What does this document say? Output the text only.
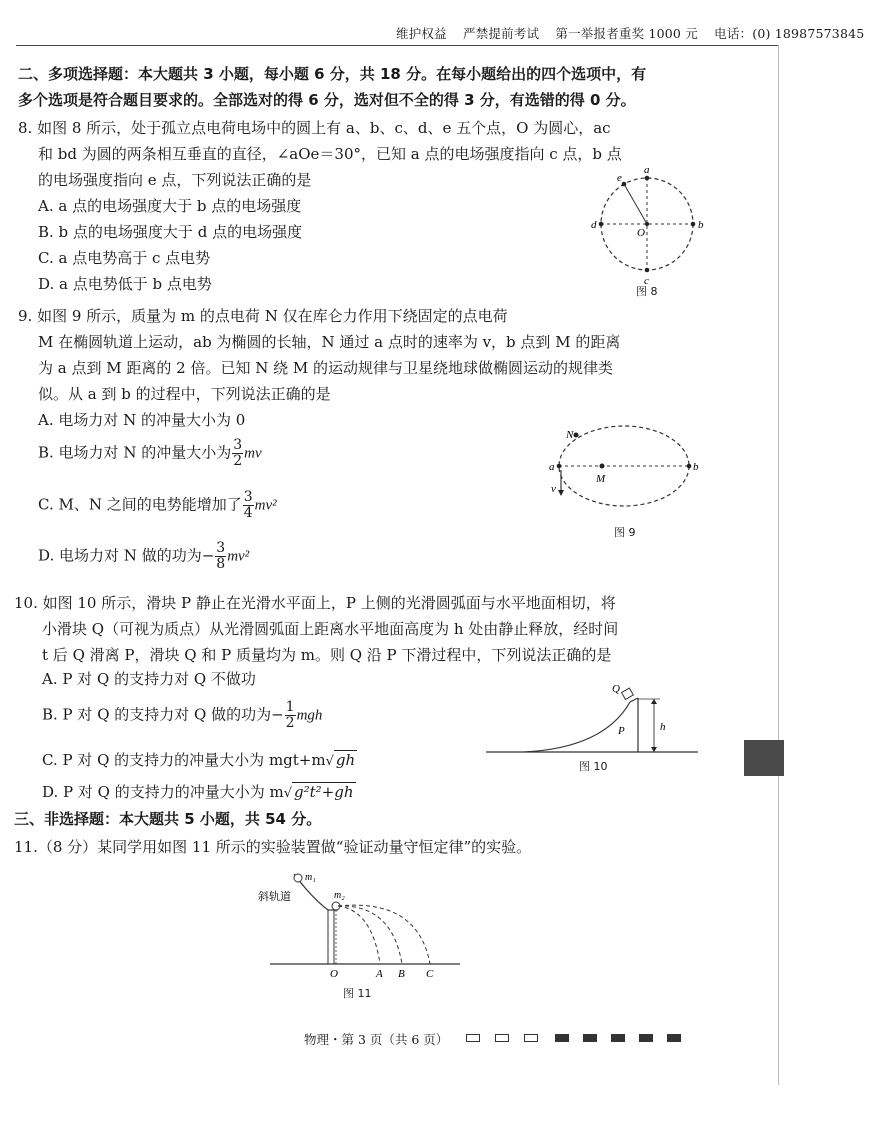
维护权益 严禁提前考试 第一举报者重奖 1000 元 电话：(0) 18987573845
二、多项选择题：本大题共 3 小题，每小题 6 分，共 18 分。在每小题给出的四个选项中，有
多个选项是符合题目要求的。全部选对的得 6 分，选对但不全的得 3 分，有选错的得 0 分。
8. 如图 8 所示，处于孤立点电荷电场中的圆上有 a、b、c、d、e 五个点，O 为圆心，ac
和 bd 为圆的两条相互垂直的直径，∠aOe＝30°，已知 a 点的电场强度指向 c 点，b 点
的电场强度指向 e 点，下列说法正确的是
A. a 点的电场强度大于 b 点的电场强度
B. b 点的电场强度大于 d 点的电场强度
C. a 点电势高于 c 点电势
D. a 点电势低于 b 点电势
a
b
c
d
e
O
图 8
9. 如图 9 所示，质量为 m 的点电荷 N 仅在库仑力作用下绕固定的点电荷
M 在椭圆轨道上运动，ab 为椭圆的长轴，N 通过 a 点时的速率为 v，b 点到 M 的距离
为 a 点到 M 距离的 2 倍。已知 N 绕 M 的运动规律与卫星绕地球做椭圆运动的规律类
似。从 a 到 b 的过程中，下列说法正确的是
A. 电场力对 N 的冲量大小为 0
B. 电场力对 N 的冲量大小为 $\frac{3}{2}$ mv
C. M、N 之间的电势能增加了 $\frac{3}{4} mv^2$
D. 电场力对 N 做的功为− $\frac{3}{8} mv^2$
N
a	b
M
v
图 9
10. 如图 10 所示，滑块 P 静止在光滑水平面上，P 上侧的光滑圆弧面与水平地面相切，将
小滑块 Q（可视为质点）从光滑圆弧面上距离水平地面高度为 h 处由静止释放，经时间
t 后 Q 滑离 P，滑块 Q 和 P 质量均为 m。则 Q 沿 P 下滑过程中，下列说法正确的是
A. P 对 Q 的支持力对 Q 不做功
B. P 对 Q 的支持力对 Q 做的功为− $\frac{1}{2}$ mgh
C. P 对 Q 的支持力的冲量大小为 mgt+m√ gh
D. P 对 Q 的支持力的冲量大小为 m√ g²t²+gh
Q
P	h
图 10
三、非选择题：本大题共 5 小题，共 54 分。
11.（8 分）某同学用如图 11 所示的实验装置做“验证动量守恒定律”的实验。
斜轨道
m₁
m₂
O	A B C
图 11
物理・第 3 页（共 6 页）
